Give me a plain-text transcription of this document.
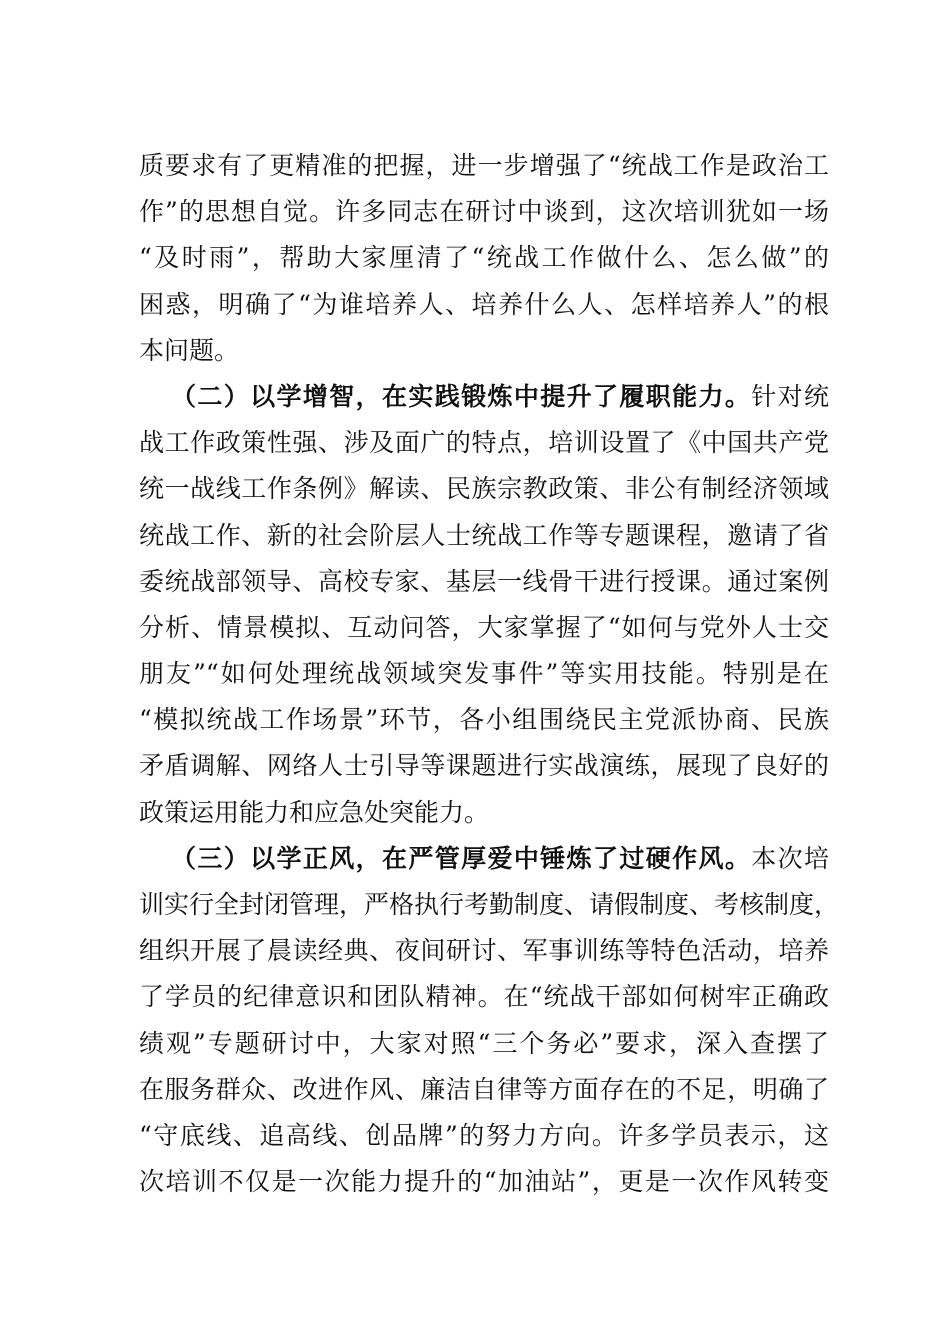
质要求有了更精准的把握，进一步增强了“统战工作是政治工
作”的思想自觉。许多同志在研讨中谈到，这次培训犹如一场
“及时雨”，帮助大家厘清了“统战工作做什么、怎么做”的
困惑，明确了“为谁培养人、培养什么人、怎样培养人”的根
本问题。
（二）以学增智，在实践锻炼中提升了履职能力。针对统
战工作政策性强、涉及面广的特点，培训设置了《中国共产党
统一战线工作条例》解读、民族宗教政策、非公有制经济领域
统战工作、新的社会阶层人士统战工作等专题课程，邀请了省
委统战部领导、高校专家、基层一线骨干进行授课。通过案例
分析、情景模拟、互动问答，大家掌握了“如何与党外人士交
朋友”“如何处理统战领域突发事件”等实用技能。特别是在
“模拟统战工作场景”环节，各小组围绕民主党派协商、民族
矛盾调解、网络人士引导等课题进行实战演练，展现了良好的
政策运用能力和应急处突能力。
（三）以学正风，在严管厚爱中锤炼了过硬作风。本次培
训实行全封闭管理，严格执行考勤制度、请假制度、考核制度，
组织开展了晨读经典、夜间研讨、军事训练等特色活动，培养
了学员的纪律意识和团队精神。在“统战干部如何树牢正确政
绩观”专题研讨中，大家对照“三个务必”要求，深入查摆了
在服务群众、改进作风、廉洁自律等方面存在的不足，明确了
“守底线、追高线、创品牌”的努力方向。许多学员表示，这
次培训不仅是一次能力提升的“加油站”，更是一次作风转变
